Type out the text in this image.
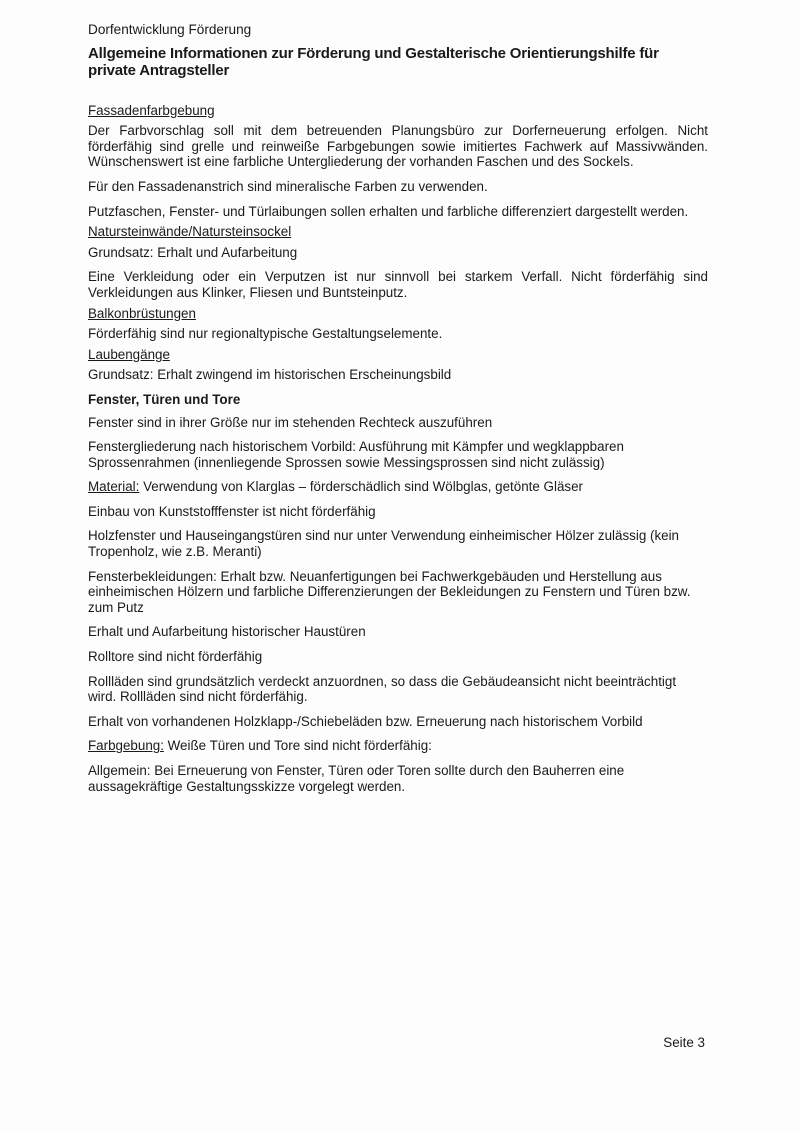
Dorfentwicklung Förderung
Allgemeine Informationen zur Förderung und Gestalterische Orientierungshilfe für private Antragsteller
Fassadenfarbgebung

Der Farbvorschlag soll mit dem betreuenden Planungsbüro zur Dorferneuerung erfolgen. Nicht förderfähig sind grelle und reinweiße Farbgebungen sowie imitiertes Fachwerk auf Massivwänden. Wünschenswert ist eine farbliche Untergliederung der vorhanden Faschen und des Sockels.

Für den Fassadenanstrich sind mineralische Farben zu verwenden.

Putzfaschen, Fenster- und Türlaibungen sollen erhalten und farbliche differenziert dargestellt werden.

Natursteinwände/Natursteinsockel

Grundsatz: Erhalt und Aufarbeitung

Eine Verkleidung oder ein Verputzen ist nur sinnvoll bei starkem Verfall. Nicht förderfähig sind Verkleidungen aus Klinker, Fliesen und Buntsteinputz.

Balkonbrüstungen

Förderfähig sind nur regionaltypische Gestaltungselemente.

Laubengänge

Grundsatz: Erhalt zwingend im historischen Erscheinungsbild

Fenster, Türen und Tore

Fenster sind in ihrer Größe nur im stehenden Rechteck auszuführen

Fenstergliederung nach historischem Vorbild: Ausführung mit Kämpfer und wegklappbaren Sprossenrahmen (innenliegende Sprossen sowie Messingsprossen sind nicht zulässig)

Material: Verwendung von Klarglas – förderschädlich sind Wölbglas, getönte Gläser

Einbau von Kunststofffenster ist nicht förderfähig

Holzfenster und Hauseingangstüren sind nur unter Verwendung einheimischer Hölzer zulässig (kein Tropenholz, wie z.B. Meranti)

Fensterbekleidungen: Erhalt bzw. Neuanfertigungen bei Fachwerkgebäuden und Herstellung aus einheimischen Hölzern und farbliche Differenzierungen der Bekleidungen zu Fenstern und Türen bzw. zum Putz

Erhalt und Aufarbeitung historischer Haustüren

Rolltore sind nicht förderfähig

Rollläden sind grundsätzlich verdeckt anzuordnen, so dass die Gebäudeansicht nicht beeinträchtigt wird. Rollläden sind nicht förderfähig.

Erhalt von vorhandenen Holzklapp-/Schiebeläden bzw. Erneuerung nach historischem Vorbild

Farbgebung: Weiße Türen und Tore sind nicht förderfähig:

Allgemein: Bei Erneuerung von Fenster, Türen oder Toren sollte durch den Bauherren eine aussagekräftige Gestaltungsskizze vorgelegt werden.

Seite 3
